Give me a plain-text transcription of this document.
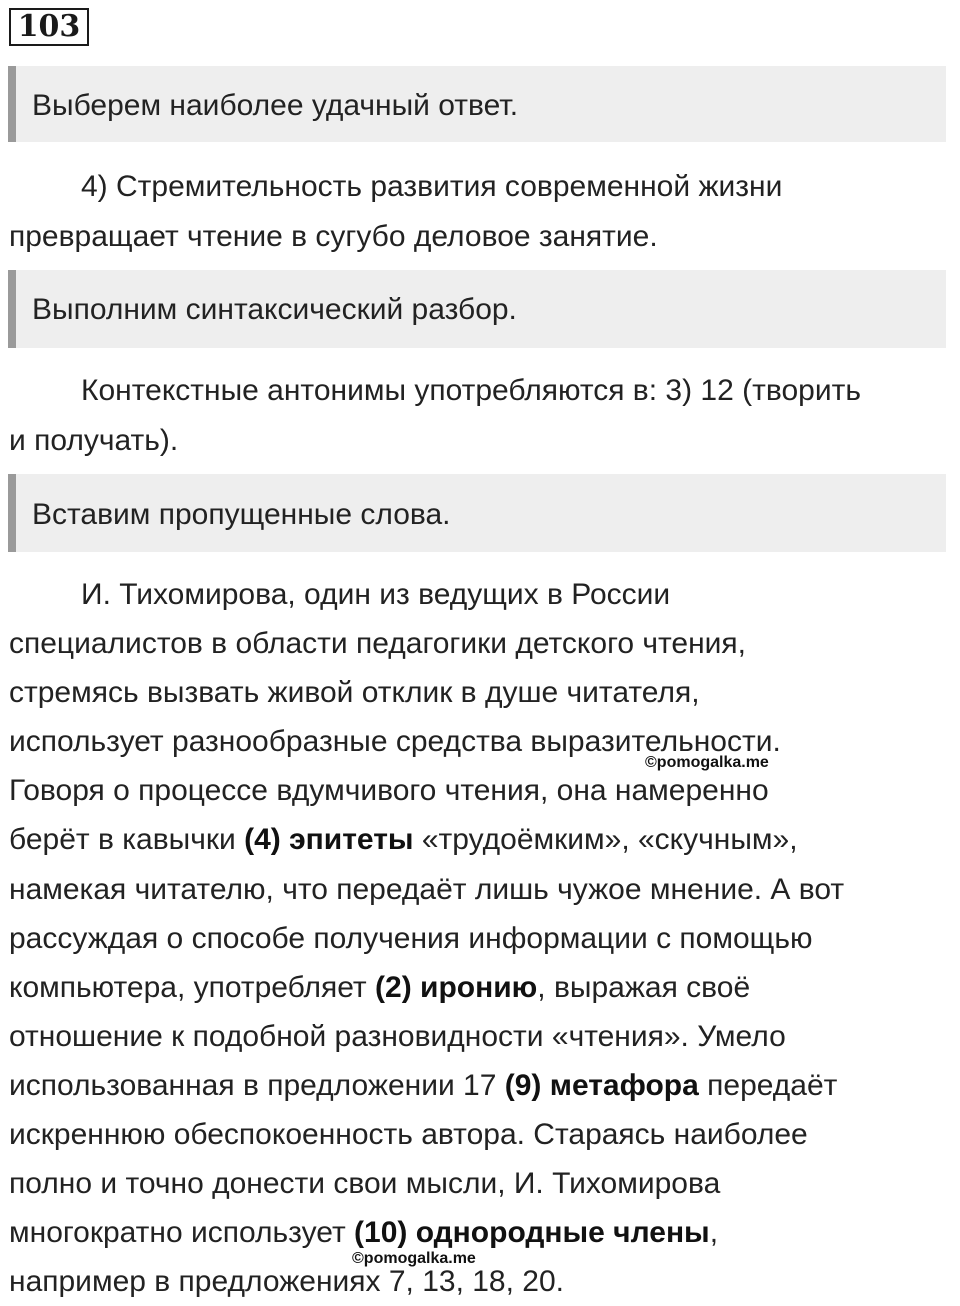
103
Выберем наиболее удачный ответ.

4) Стремительность развития современной жизни
превращает чтение в сугубо деловое занятие.

Выполним синтаксический разбор.

Контекстные антонимы употребляются в: 3) 12 (творить
и получать).

Вставим пропущенные слова.

И. Тихомирова, один из ведущих в России
специалистов в области педагогики детского чтения,
стремясь вызвать живой отклик в душе читателя,
использует разнообразные средства выразительности.
Говоря о процессе вдумчивого чтения, она намеренно
берёт в кавычки (4) эпитеты «трудоёмким», «скучным»,
намекая читателю, что передаёт лишь чужое мнение. А вот
рассуждая о способе получения информации с помощью
компьютера, употребляет (2) иронию, выражая своё
отношение к подобной разновидности «чтения». Умело
использованная в предложении 17 (9) метафора передаёт
искреннюю обеспокоенность автора. Стараясь наиболее
полно и точно донести свои мысли, И. Тихомирова
многократно использует (10) однородные члены,
например в предложениях 7, 13, 18, 20.

©pomogalka.me
©pomogalka.me
